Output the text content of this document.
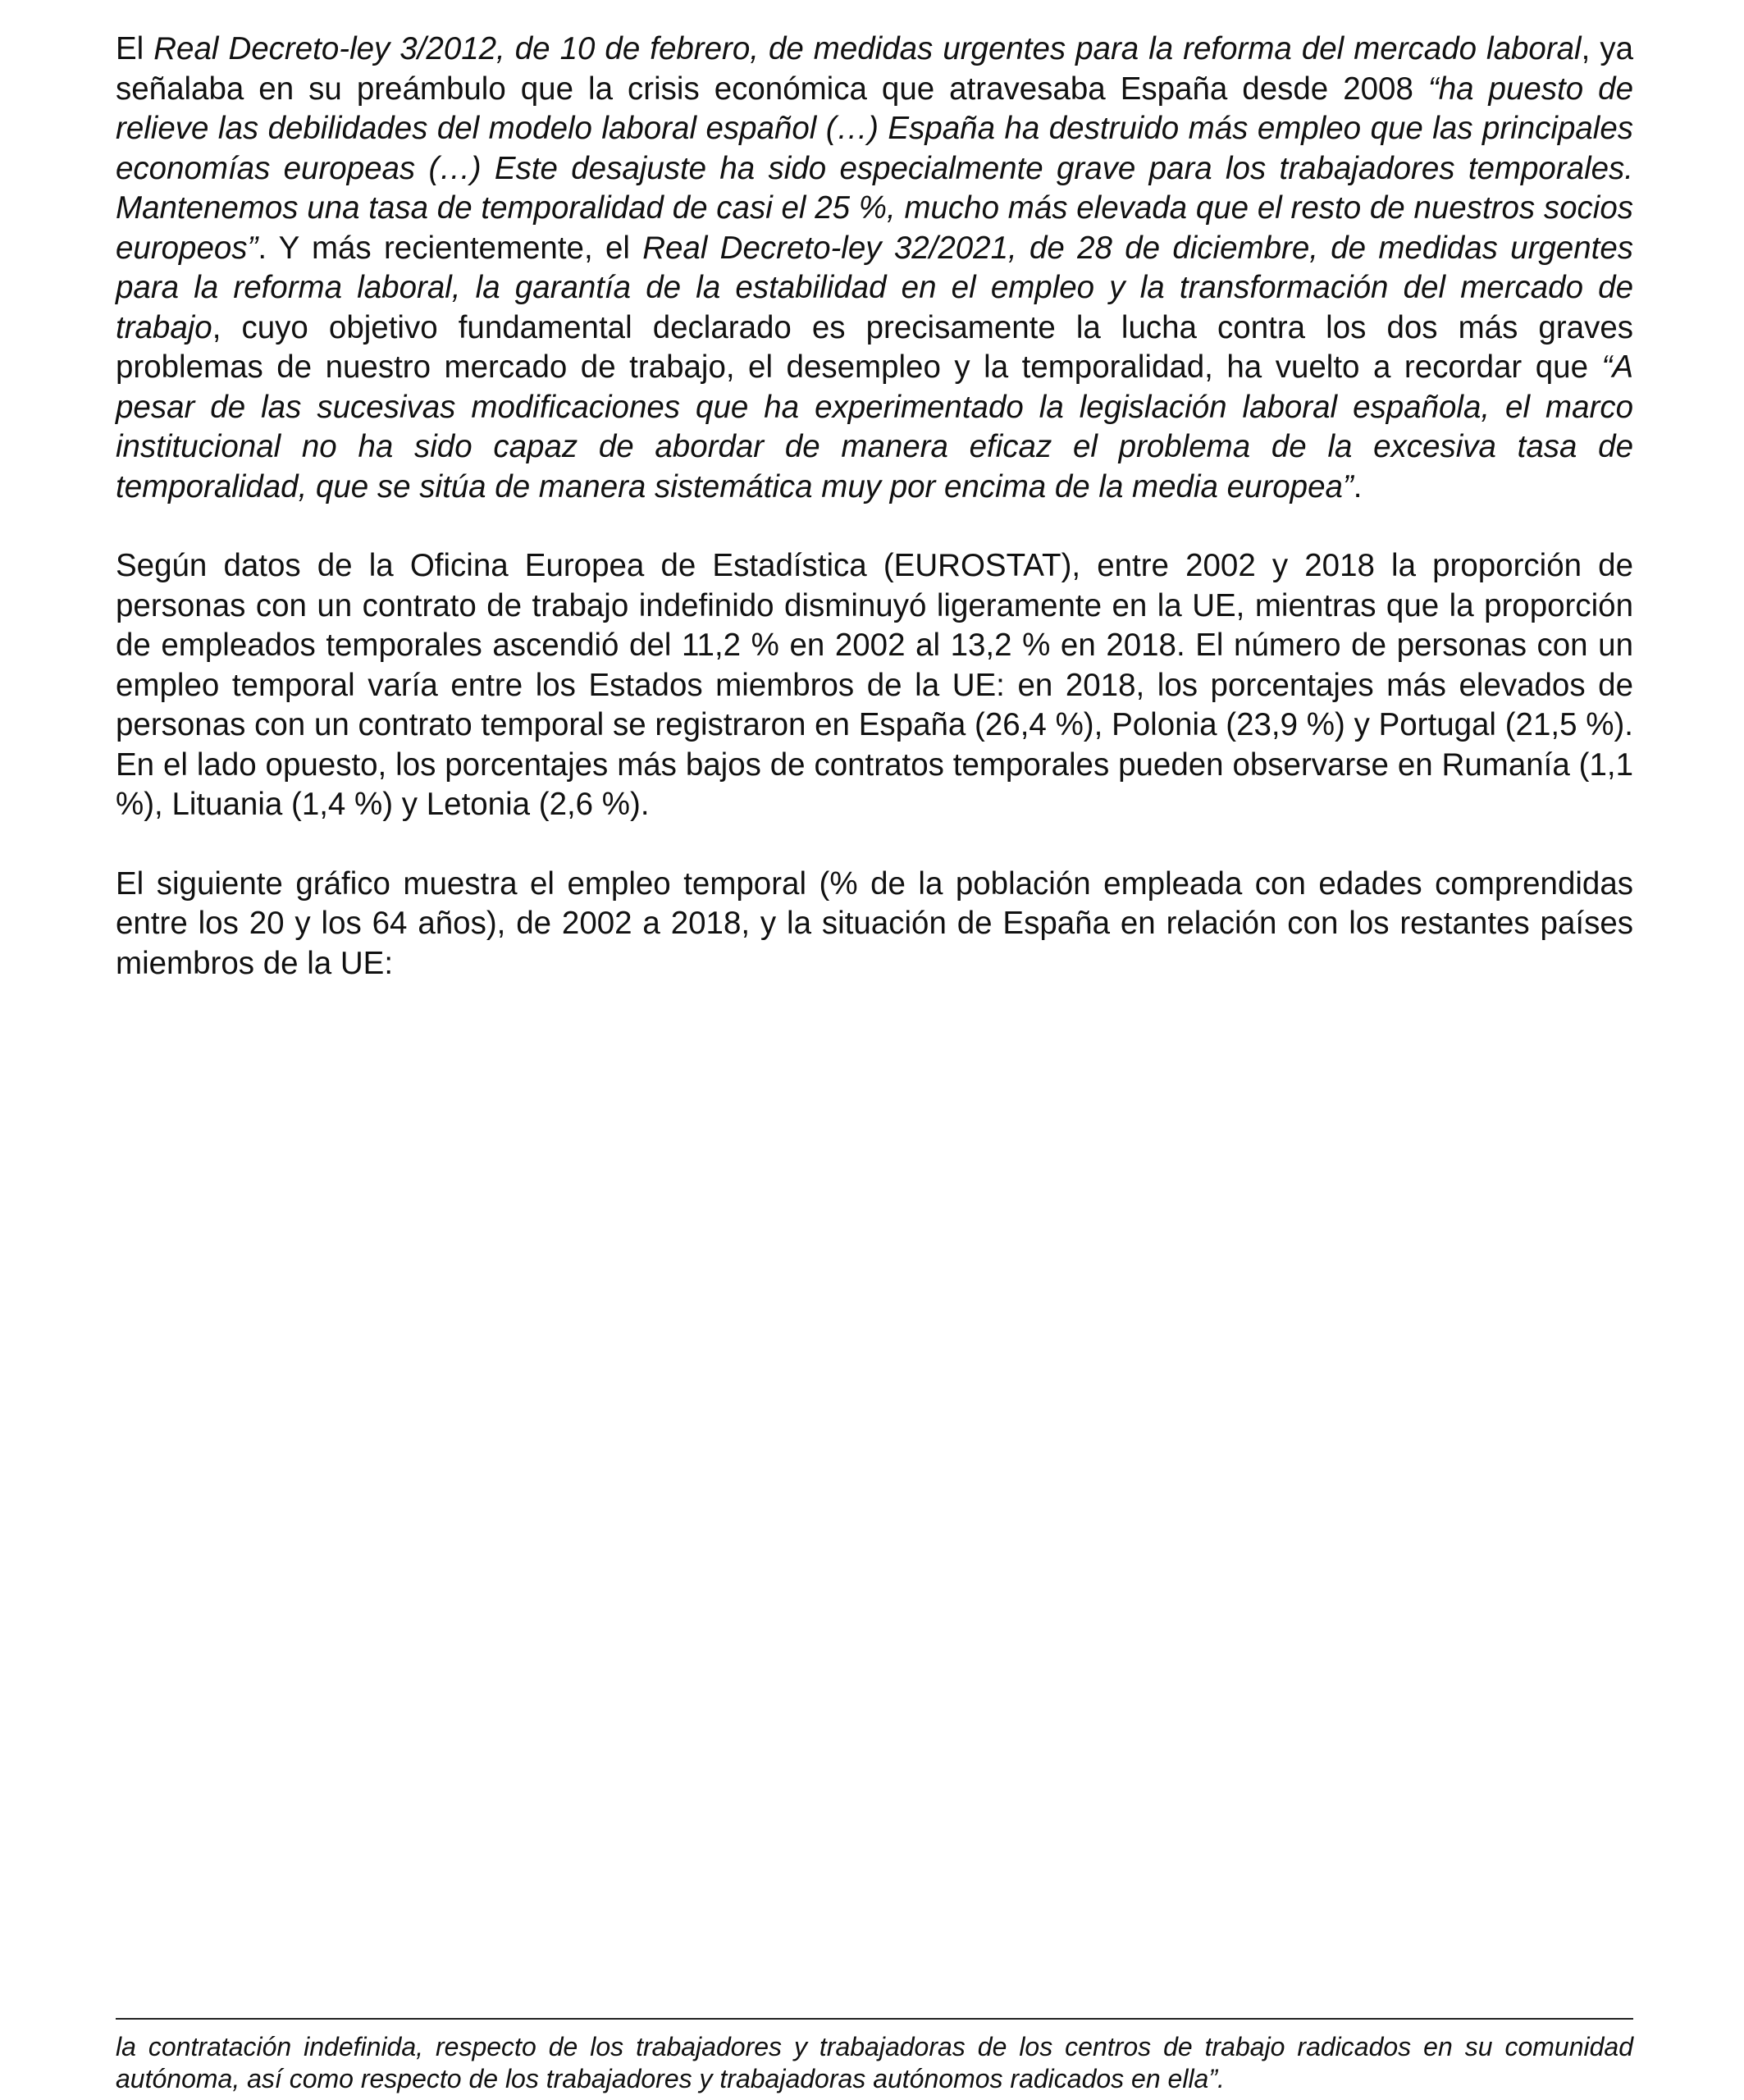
El Real Decreto-ley 3/2012, de 10 de febrero, de medidas urgentes para la reforma del mercado laboral, ya señalaba en su preámbulo que la crisis económica que atravesaba España desde 2008 “ha puesto de relieve las debilidades del modelo laboral español (…) España ha destruido más empleo que las principales economías europeas (…) Este desajuste ha sido especialmente grave para los trabajadores temporales. Mantenemos una tasa de temporalidad de casi el 25 %, mucho más elevada que el resto de nuestros socios europeos”. Y más recientemente, el Real Decreto-ley 32/2021, de 28 de diciembre, de medidas urgentes para la reforma laboral, la garantía de la estabilidad en el empleo y la transformación del mercado de trabajo, cuyo objetivo fundamental declarado es precisamente la lucha contra los dos más graves problemas de nuestro mercado de trabajo, el desempleo y la temporalidad, ha vuelto a recordar que “A pesar de las sucesivas modificaciones que ha experimentado la legislación laboral española, el marco institucional no ha sido capaz de abordar de manera eficaz el problema de la excesiva tasa de temporalidad, que se sitúa de manera sistemática muy por encima de la media europea”.

Según datos de la Oficina Europea de Estadística (EUROSTAT), entre 2002 y 2018 la proporción de personas con un contrato de trabajo indefinido disminuyó ligeramente en la UE, mientras que la proporción de empleados temporales ascendió del 11,2 % en 2002 al 13,2 % en 2018. El número de personas con un empleo temporal varía entre los Estados miembros de la UE: en 2018, los porcentajes más elevados de personas con un contrato temporal se registraron en España (26,4 %), Polonia (23,9 %) y Portugal (21,5 %). En el lado opuesto, los porcentajes más bajos de contratos temporales pueden observarse en Rumanía (1,1 %), Lituania (1,4 %) y Letonia (2,6 %).

El siguiente gráfico muestra el empleo temporal (% de la población empleada con edades comprendidas entre los 20 y los 64 años), de 2002 a 2018, y la situación de España en relación con los restantes países miembros de la UE:

la contratación indefinida, respecto de los trabajadores y trabajadoras de los centros de trabajo radicados en su comunidad autónoma, así como respecto de los trabajadores y trabajadoras autónomos radicados en ella”.
